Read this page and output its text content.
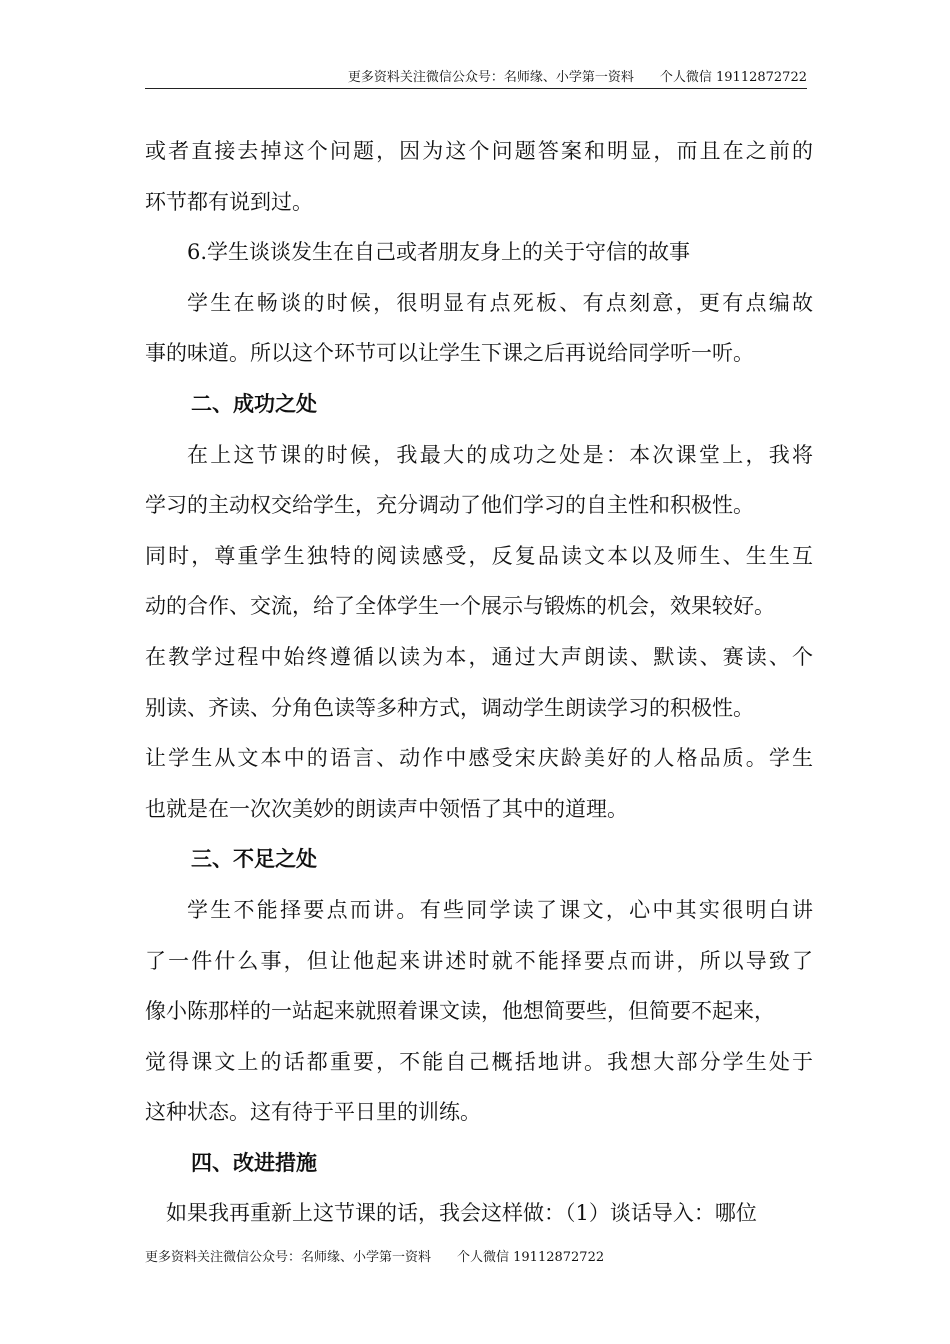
更多资料关注微信公众号：名师缘、小学第一资料　　个人微信 19112872722
或者直接去掉这个问题，因为这个问题答案和明显，而且在之前的
环节都有说到过。
6.学生谈谈发生在自己或者朋友身上的关于守信的故事
学生在畅谈的时候，很明显有点死板、有点刻意，更有点编故
事的味道。所以这个环节可以让学生下课之后再说给同学听一听。
二、成功之处
在上这节课的时候，我最大的成功之处是：本次课堂上，我将
学习的主动权交给学生，充分调动了他们学习的自主性和积极性。
同时，尊重学生独特的阅读感受，反复品读文本以及师生、生生互
动的合作、交流，给了全体学生一个展示与锻炼的机会，效果较好。
在教学过程中始终遵循以读为本，通过大声朗读、默读、赛读、个
别读、齐读、分角色读等多种方式，调动学生朗读学习的积极性。
让学生从文本中的语言、动作中感受宋庆龄美好的人格品质。学生
也就是在一次次美妙的朗读声中领悟了其中的道理。
三、不足之处
学生不能择要点而讲。有些同学读了课文，心中其实很明白讲
了一件什么事，但让他起来讲述时就不能择要点而讲，所以导致了
像小陈那样的一站起来就照着课文读，他想简要些，但简要不起来，
觉得课文上的话都重要，不能自己概括地讲。我想大部分学生处于
这种状态。这有待于平日里的训练。
四、改进措施
如果我再重新上这节课的话，我会这样做：（1）谈话导入：哪位
更多资料关注微信公众号：名师缘、小学第一资料　　个人微信 19112872722
